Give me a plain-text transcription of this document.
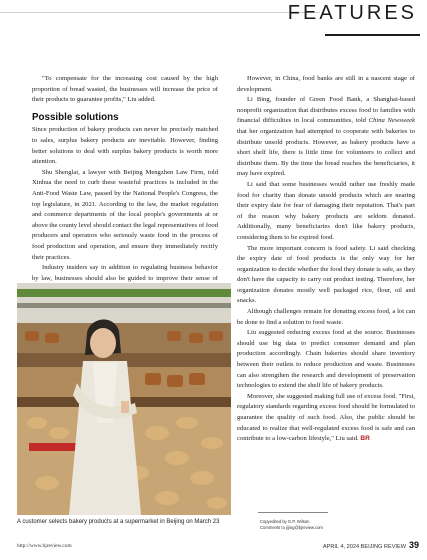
FEATURES

"To compensate for the increasing cost caused by the high proportion of bread wasted, the businesses will increase the price of their products to guarantee profits," Liu added.

Possible solutions

Since production of bakery products can never be precisely matched to sales, surplus bakery products are inevitable. However, finding better solutions to deal with surplus bakery products is worth more attention.

Shu Shenglai, a lawyer with Beijing Mengzhen Law Firm, told Xinhua the need to curb these wasteful practices is included in the Anti-Food Waste Law, passed by the National People's Congress, the top legislature, in 2021. According to the law, the market regulation and commerce departments of the local people's governments at or above the county level should contact the legal representatives of food producers and operators who seriously waste food in the process of food production and operation, and ensure they immediately rectify their practices.

Industry insiders say in addition to regulating business behavior by law, businesses should also be guided to improve their sense of

However, in China, food banks are still in a nascent stage of development.

Li Bing, founder of Green Food Bank, a Shanghai-based nonprofit organization that distributes excess food to families with financial difficulties in local communities, told China Newsweek that her organization had attempted to cooperate with bakeries to distribute unsold products. However, as bakery products have a short shelf life, there is little time for volunteers to collect and distribute them. By the time the bread reaches the beneficiaries, it may have expired.

Li said that some businesses would rather use freshly made food for charity than donate unsold products which are nearing their expiry date for fear of damaging their reputation. That's part of the reason why bakery products are seldom donated. Additionally, many beneficiaries don't like bakery products, considering them to be expired food.

The more important concern is food safety. Li said checking the expiry date of food products is the only way for her organization to decide whether the food they donate is safe, as they don't have the capacity to carry out product testing. Therefore, her organization donates mostly well packaged rice, flour, oil and snacks.

Although challenges remain for donating excess food, a lot can be done to find a solution to food waste.

Liu suggested reducing excess food at the source. Businesses should use big data to predict consumer demand and plan production accordingly. Chain bakeries should share inventory between their outlets to reduce production and waste. Businesses can also strengthen the research and development of preservation technologies to extend the shelf life of bakery products.

Moreover, she suggested making full use of excess food. "First, regulatory standards regarding excess food should be formulated to guarantee the quality of such food. Also, the public should be educated to realize that well-regulated excess food is safe and can contribute to a low-carbon lifestyle," Liu said. BR

A customer selects bakery products at a supermarket in Beijing on March 23	Copyedited by G.P. Wilson
Comments to jijing@bjreview.com
http://www.bjreview.com	APRIL 4, 2024 BEIJING REVIEW 39
